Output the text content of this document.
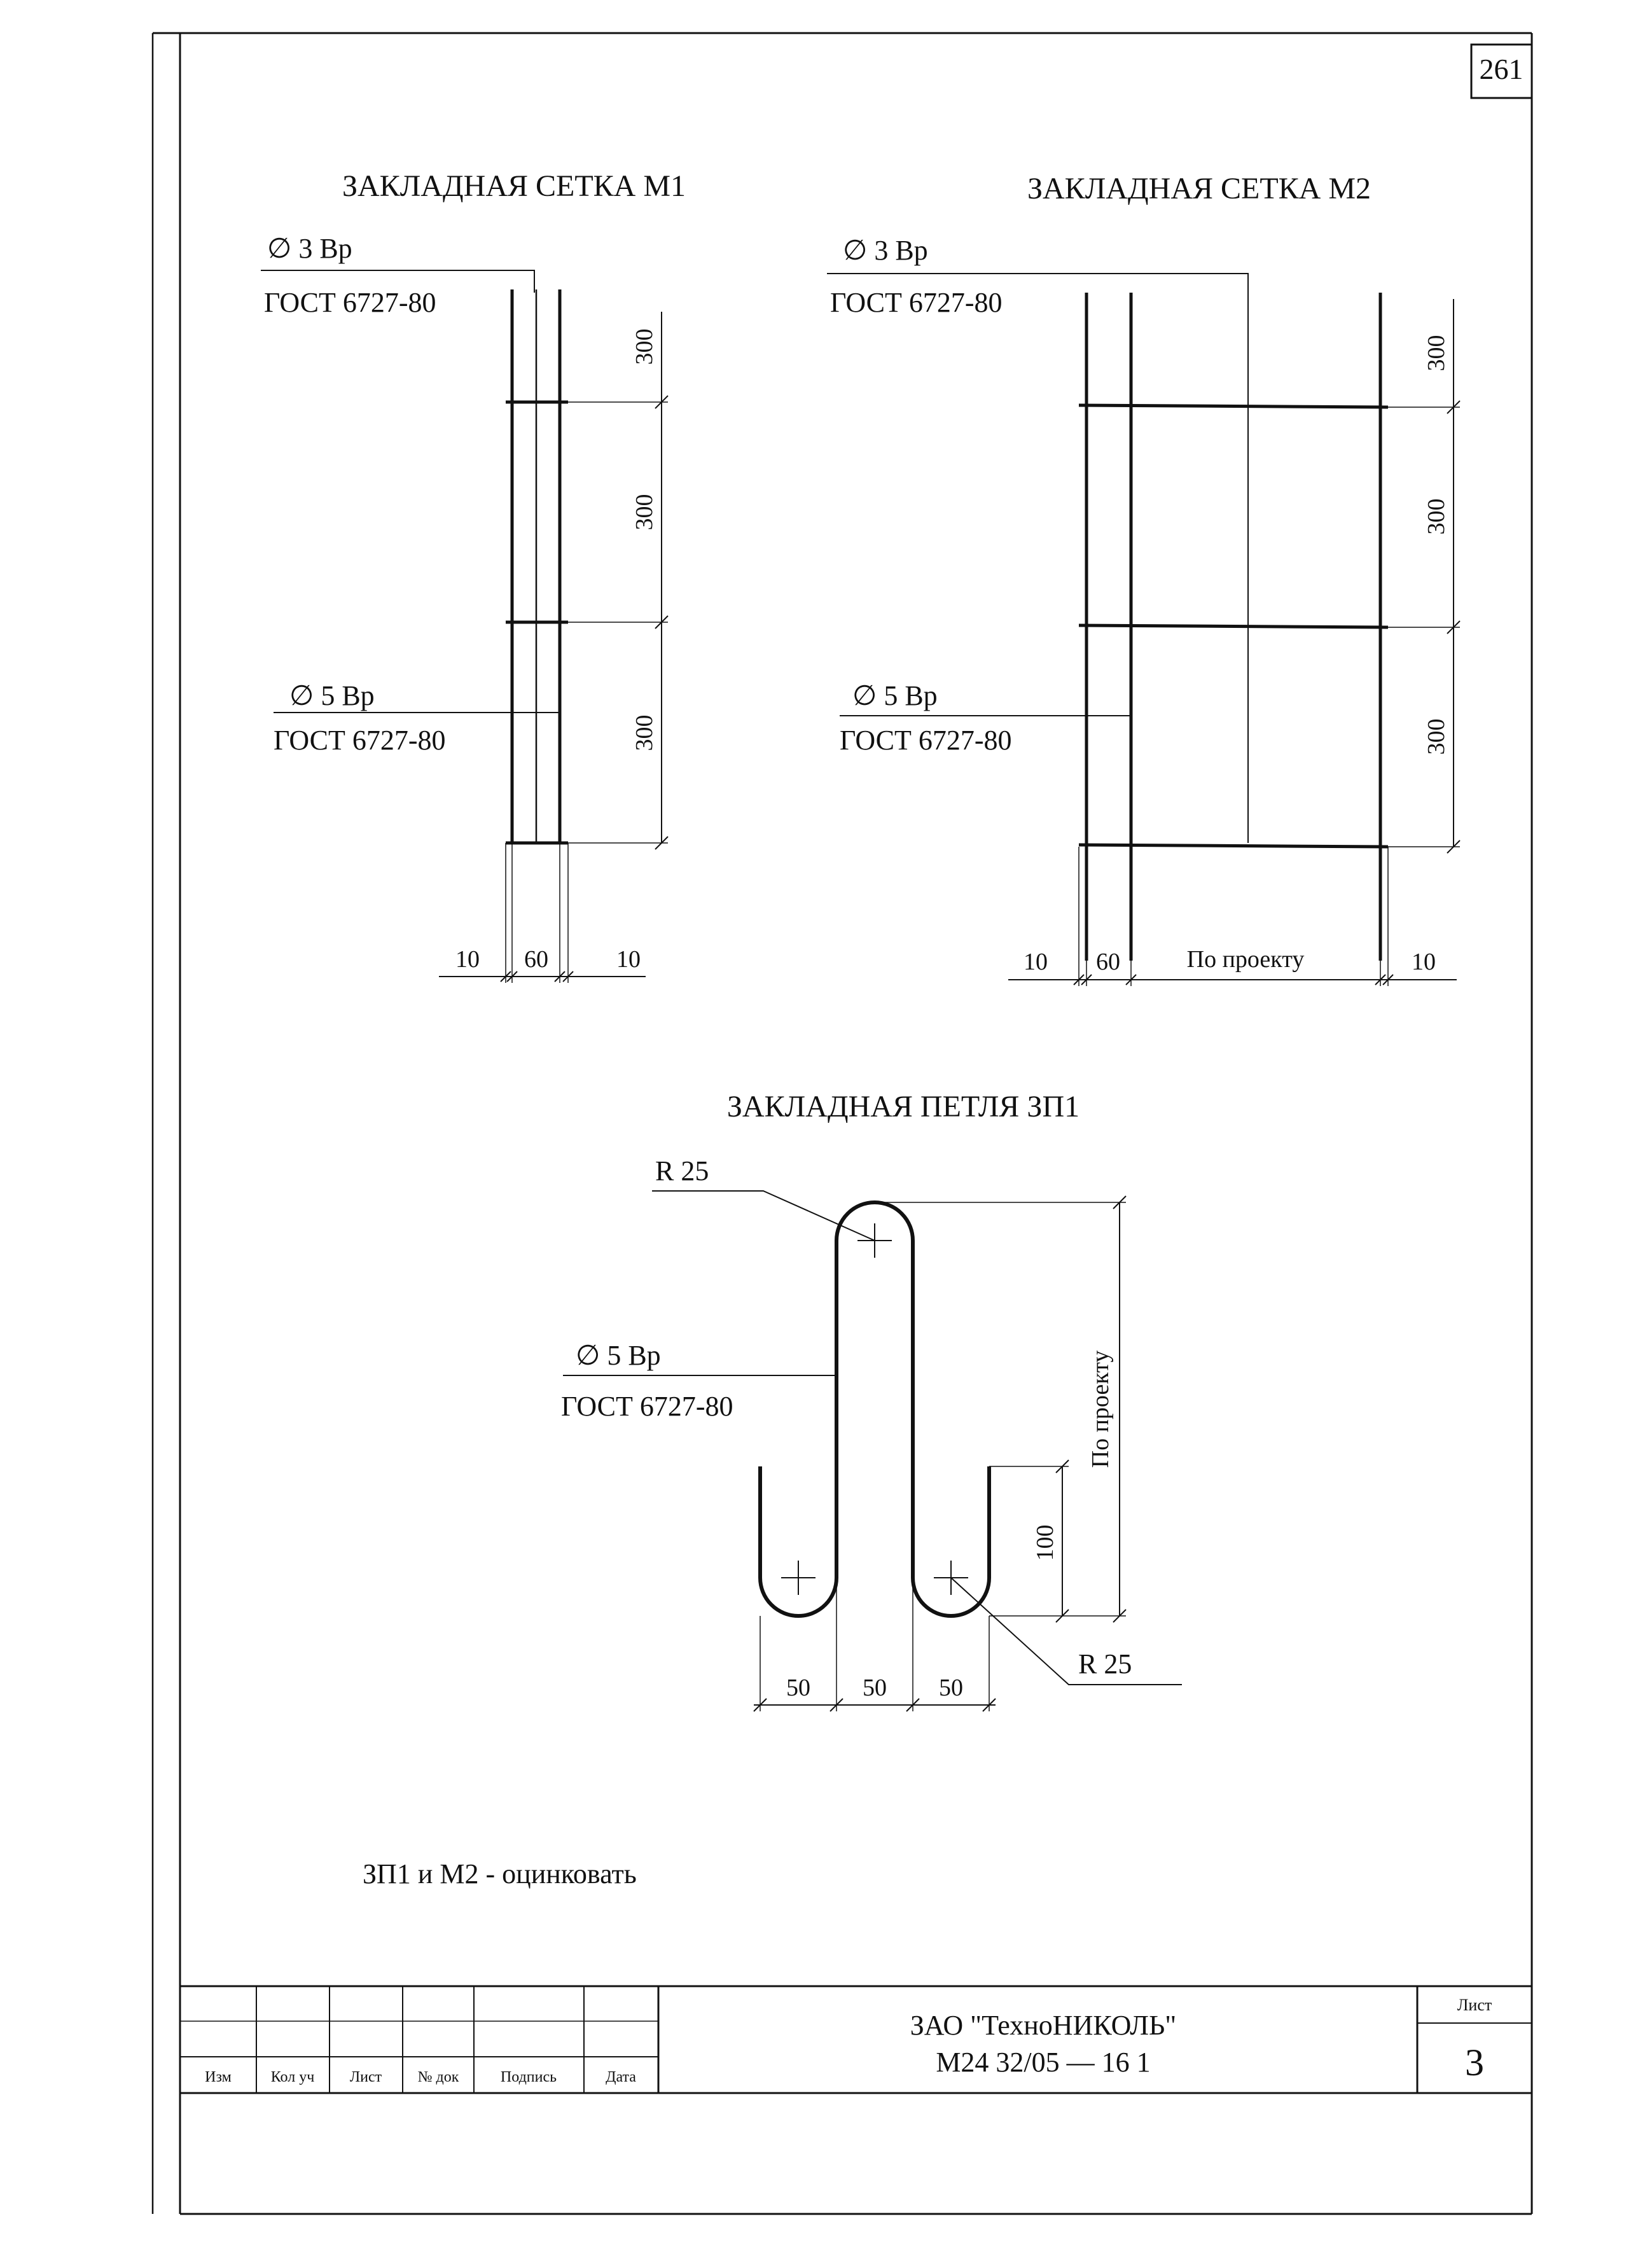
261
ЗАКЛАДНАЯ СЕТКА М1
∅ 3 Вр
ГОСТ 6727-80
∅ 5 Вр
ГОСТ 6727-80
300
300
300
10 60	10
ЗАКЛАДНАЯ СЕТКА М2
∅ 3 Вр
ГОСТ 6727-80
∅ 5 Вр
ГОСТ 6727-80
300
300
300
10 60	По проекту	10
ЗАКЛАДНАЯ ПЕТЛЯ ЗП1
R 25
R 25
∅ 5 Вр
ГОСТ 6727-80	По проекту
100
50 50 50
ЗП1 и М2 - оцинковать
Изм	Кол уч Лист № док	Подпись	Дата
ЗАО "ТехноНИКОЛЬ"
М24 32/05 — 16 1
Лист
3
